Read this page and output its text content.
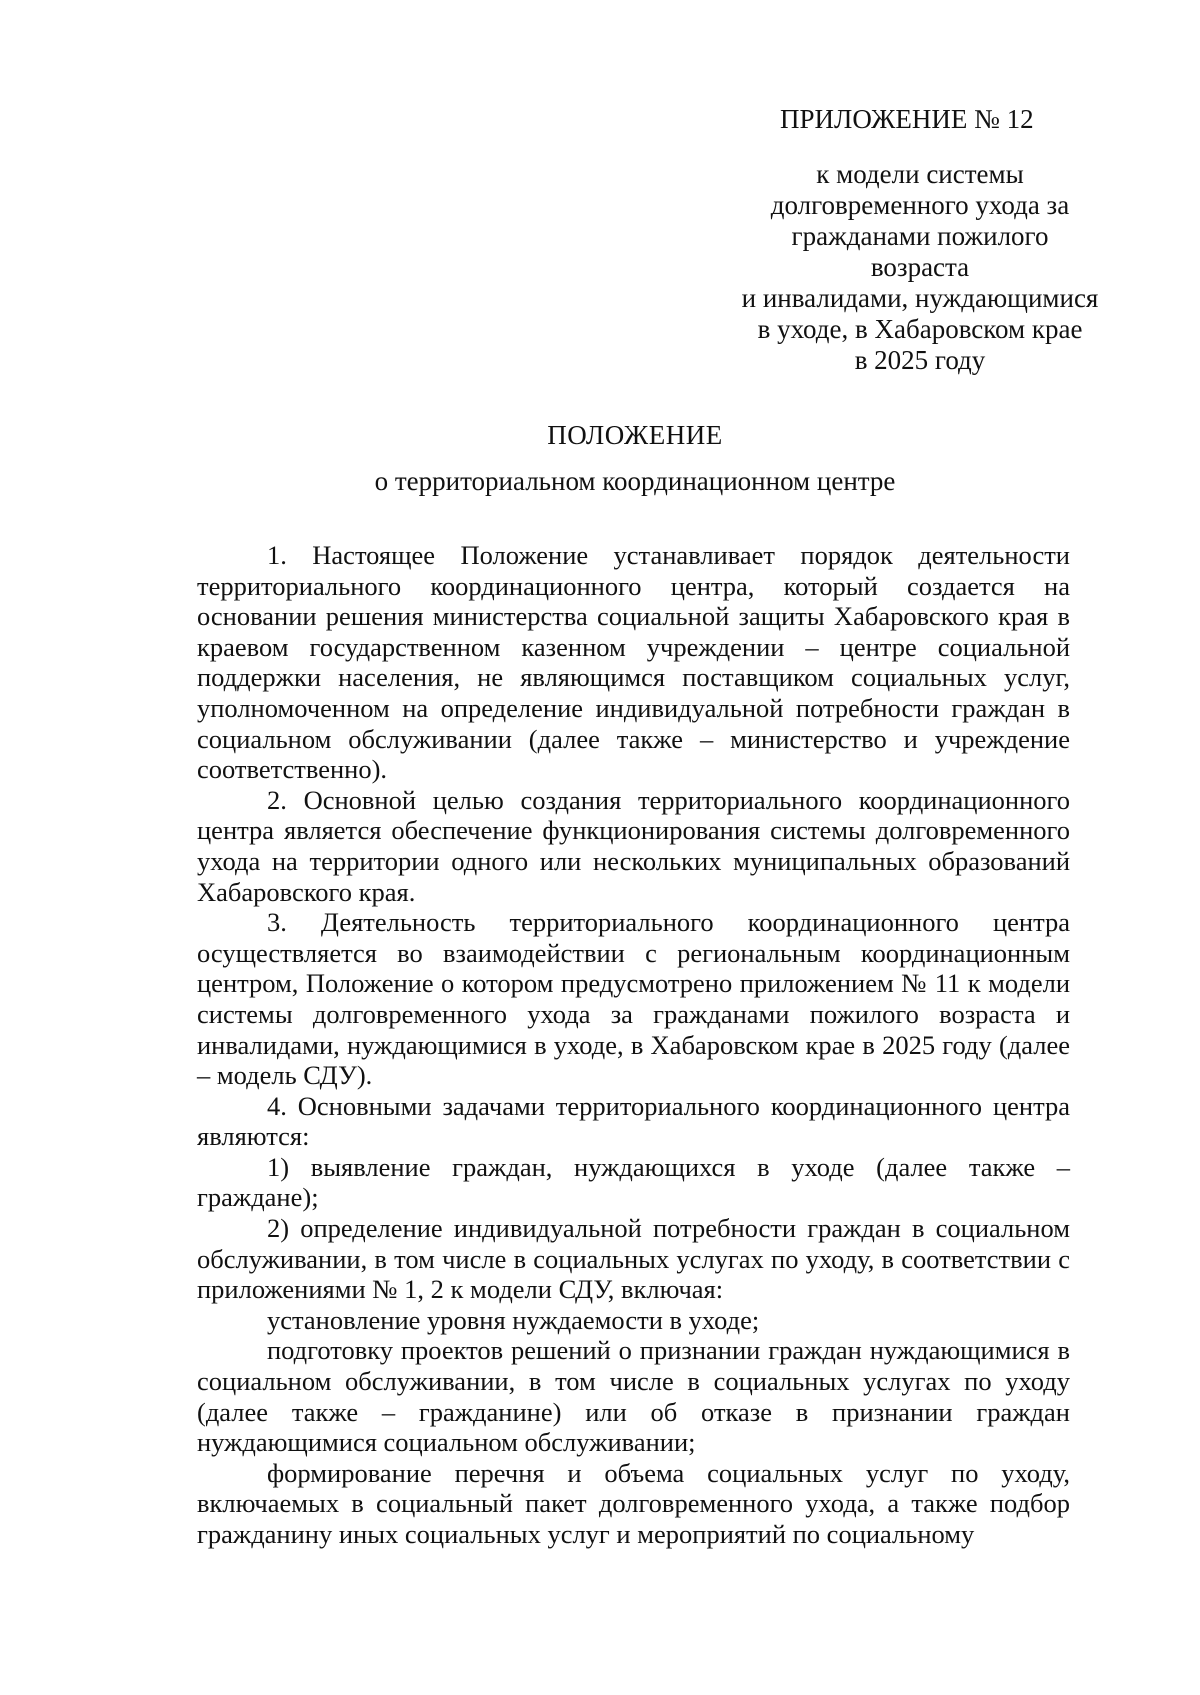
ПРИЛОЖЕНИЕ № 12
к модели системы
долговременного ухода за
гражданами пожилого возраста
и инвалидами, нуждающимися
в уходе, в Хабаровском крае
в 2025 году
ПОЛОЖЕНИЕ
о территориальном координационном центре

1. Настоящее Положение устанавливает порядок деятельности территориального координационного центра, который создается на основании решения министерства социальной защиты Хабаровского края в краевом государственном казенном учреждении – центре социальной поддержки населения, не являющимся поставщиком социальных услуг, уполномоченном на определение индивидуальной потребности граждан в социальном обслуживании (далее также – министерство и учреждение соответственно).

2. Основной целью создания территориального координационного центра является обеспечение функционирования системы долговременного ухода на территории одного или нескольких муниципальных образований Хабаровского края.

3. Деятельность территориального координационного центра осуществляется во взаимодействии с региональным координационным центром, Положение о котором предусмотрено приложением № 11 к модели системы долговременного ухода за гражданами пожилого возраста и инвалидами, нуждающимися в уходе, в Хабаровском крае в 2025 году (далее – модель СДУ).

4. Основными задачами территориального координационного центра являются:

1) выявление граждан, нуждающихся в уходе (далее также – граждане);

2) определение индивидуальной потребности граждан в социальном обслуживании, в том числе в социальных услугах по уходу, в соответствии с приложениями № 1, 2 к модели СДУ, включая:

установление уровня нуждаемости в уходе;

подготовку проектов решений о признании граждан нуждающимися в социальном обслуживании, в том числе в социальных услугах по уходу (далее также – гражданине) или об отказе в признании граждан нуждающимися социальном обслуживании;

формирование перечня и объема социальных услуг по уходу, включаемых в социальный пакет долговременного ухода, а также подбор гражданину иных социальных услуг и мероприятий по социальному
